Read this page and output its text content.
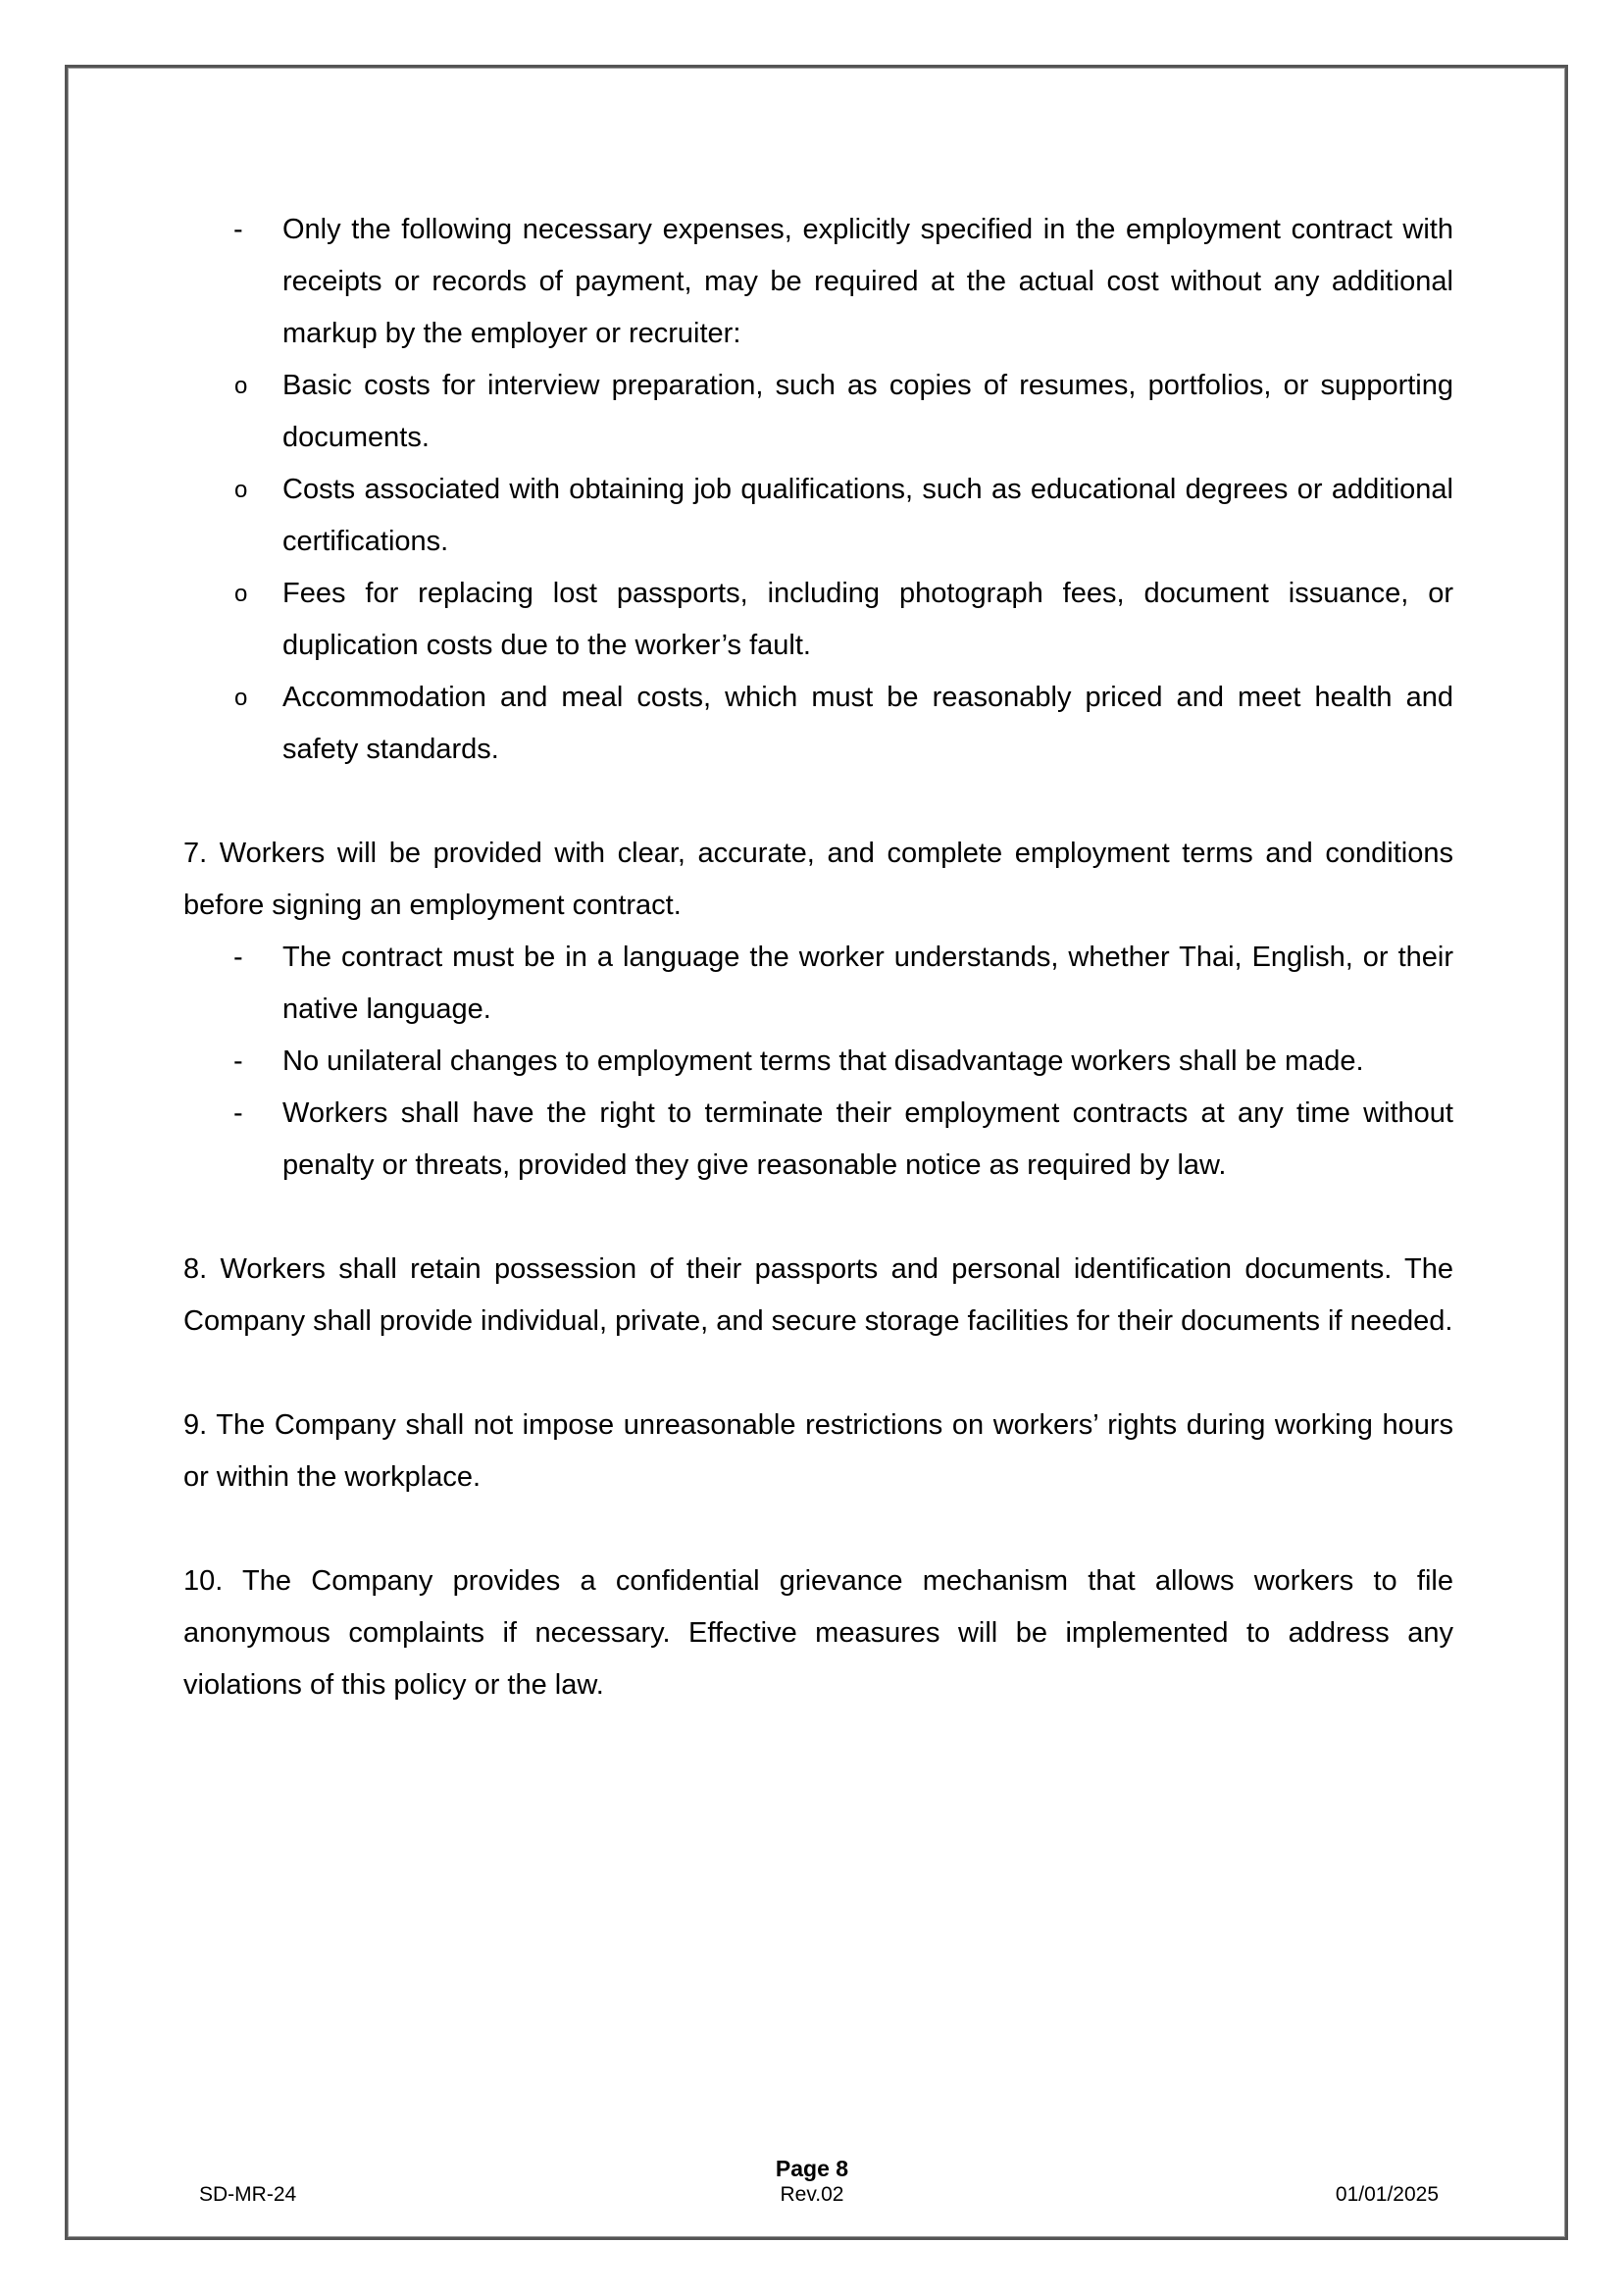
- Only the following necessary expenses, explicitly specified in the employment contract with receipts or records of payment, may be required at the actual cost without any additional markup by the employer or recruiter:
o Basic costs for interview preparation, such as copies of resumes, portfolios, or supporting documents.
o Costs associated with obtaining job qualifications, such as educational degrees or additional certifications.
o Fees for replacing lost passports, including photograph fees, document issuance, or duplication costs due to the worker’s fault.
o Accommodation and meal costs, which must be reasonably priced and meet health and safety standards.

7. Workers will be provided with clear, accurate, and complete employment terms and conditions before signing an employment contract.

- The contract must be in a language the worker understands, whether Thai, English, or their native language.
- No unilateral changes to employment terms that disadvantage workers shall be made.
- Workers shall have the right to terminate their employment contracts at any time without penalty or threats, provided they give reasonable notice as required by law.

8. Workers shall retain possession of their passports and personal identification documents. The Company shall provide individual, private, and secure storage facilities for their documents if needed.

9. The Company shall not impose unreasonable restrictions on workers’ rights during working hours or within the workplace.

10. The Company provides a confidential grievance mechanism that allows workers to file anonymous complaints if necessary. Effective measures will be implemented to address any violations of this policy or the law.

Page 8
SD-MR-24	Rev.02	01/01/2025
